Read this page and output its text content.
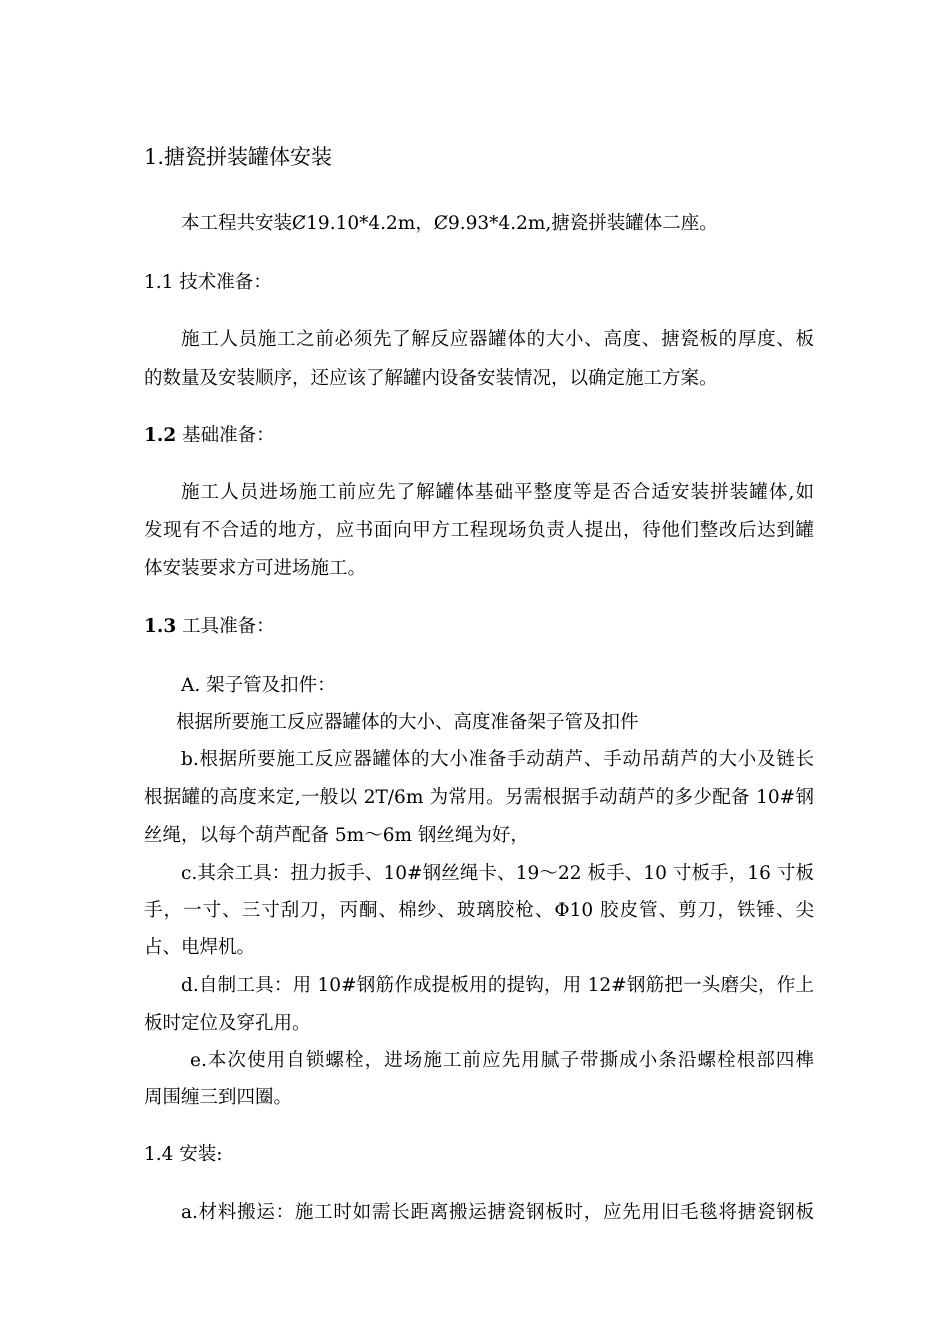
1.搪瓷拼装罐体安装
本工程共安装Ȼ19.10*4.2m，Ȼ9.93*4.2m,搪瓷拼装罐体二座。
1.1 技术准备：
施工人员施工之前必须先了解反应器罐体的大小、高度、搪瓷板的厚度、板
的数量及安装顺序，还应该了解罐内设备安装情况，以确定施工方案。
1.2 基础准备：
施工人员进场施工前应先了解罐体基础平整度等是否合适安装拼装罐体,如
发现有不合适的地方，应书面向甲方工程现场负责人提出，待他们整改后达到罐
体安装要求方可进场施工。
1.3 工具准备：
A. 架子管及扣件：
根据所要施工反应器罐体的大小、高度准备架子管及扣件
b.根据所要施工反应器罐体的大小准备手动葫芦、手动吊葫芦的大小及链长
根据罐的高度来定,一般以 2T/6m 为常用。另需根据手动葫芦的多少配备 10#钢
丝绳，以每个葫芦配备 5m～6m 钢丝绳为好，
c.其余工具：扭力扳手、10#钢丝绳卡、19～22 板手、10 寸板手，16 寸板
手，一寸、三寸刮刀，丙酮、棉纱、玻璃胶枪、Φ10 胶皮管、剪刀，铁锤、尖
占、电焊机。
d.自制工具：用 10#钢筋作成提板用的提钩，用 12#钢筋把一头磨尖，作上
板时定位及穿孔用。
e.本次使用自锁螺栓，进场施工前应先用腻子带撕成小条沿螺栓根部四榫
周围缠三到四圈。
1.4 安装:
a.材料搬运：施工时如需长距离搬运搪瓷钢板时，应先用旧毛毯将搪瓷钢板
